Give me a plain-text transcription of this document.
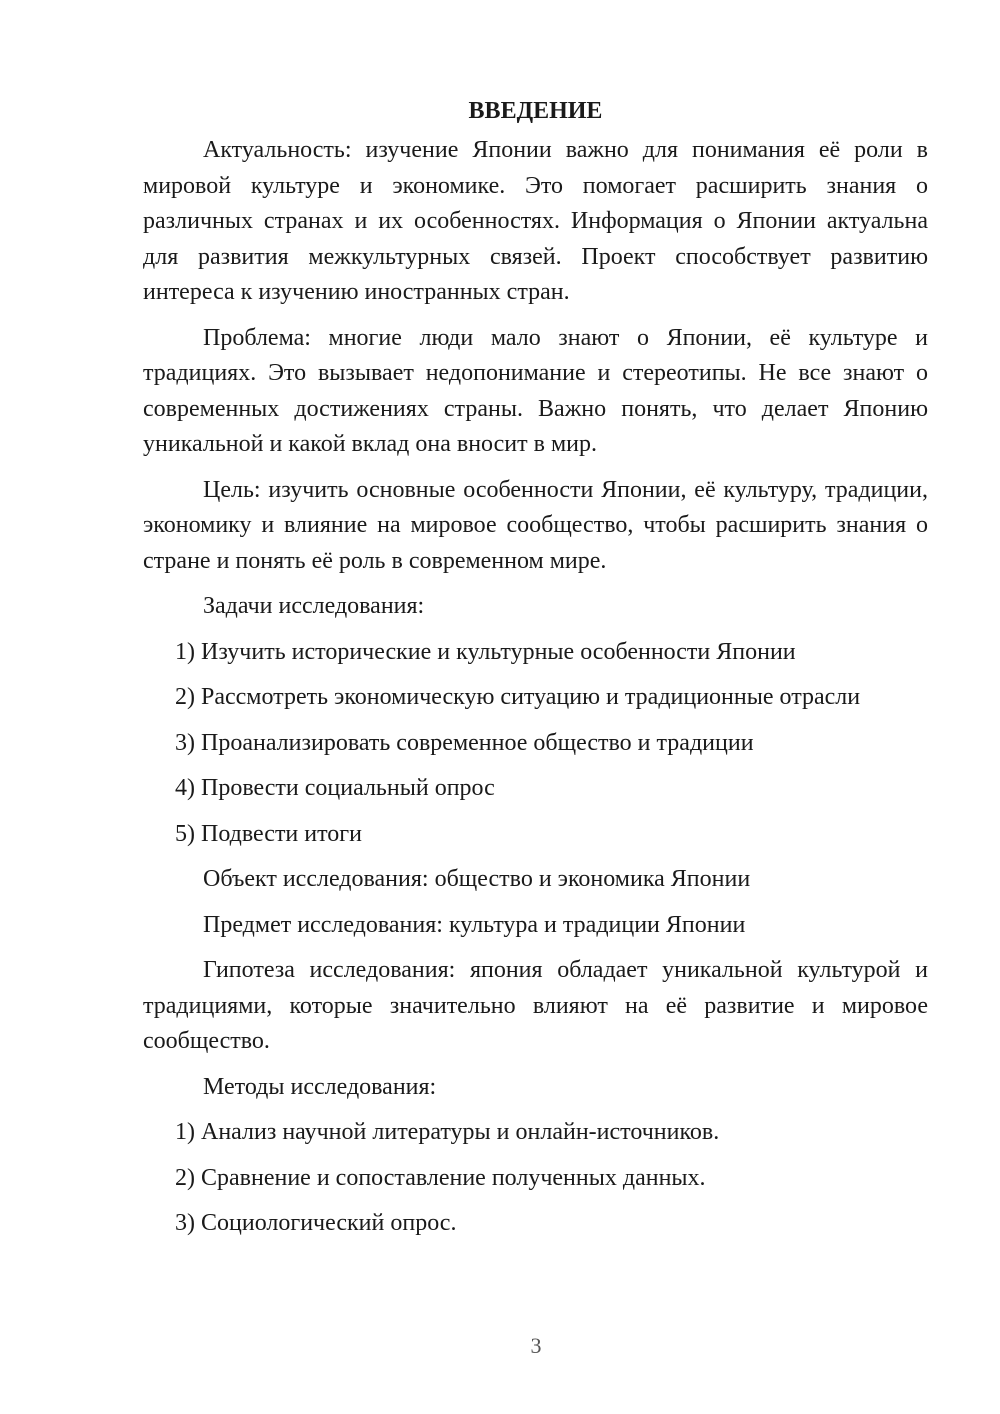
ВВЕДЕНИЕ

Актуальность: изучение Японии важно для понимания её роли в мировой культуре и экономике. Это помогает расширить знания о различных странах и их особенностях. Информация о Японии актуальна для развития межкультурных связей. Проект способствует развитию интереса к изучению иностранных стран.

Проблема: многие люди мало знают о Японии, её культуре и традициях. Это вызывает недопонимание и стереотипы. Не все знают о современных достижениях страны. Важно понять, что делает Японию уникальной и какой вклад она вносит в мир.

Цель: изучить основные особенности Японии, её культуру, традиции, экономику и влияние на мировое сообщество, чтобы расширить знания о стране и понять её роль в современном мире.

Задачи исследования:
1) Изучить исторические и культурные особенности Японии
2) Рассмотреть экономическую ситуацию и традиционные отрасли
3) Проанализировать современное общество и традиции
4) Провести социальный опрос
5) Подвести итоги
Объект исследования: общество и экономика Японии
Предмет исследования: культура и традиции Японии

Гипотеза исследования: япония обладает уникальной культурой и традициями, которые значительно влияют на её развитие и мировое сообщество.

Методы исследования:
1) Анализ научной литературы и онлайн-источников.
2) Сравнение и сопоставление полученных данных.
3) Социологический опрос.
3
